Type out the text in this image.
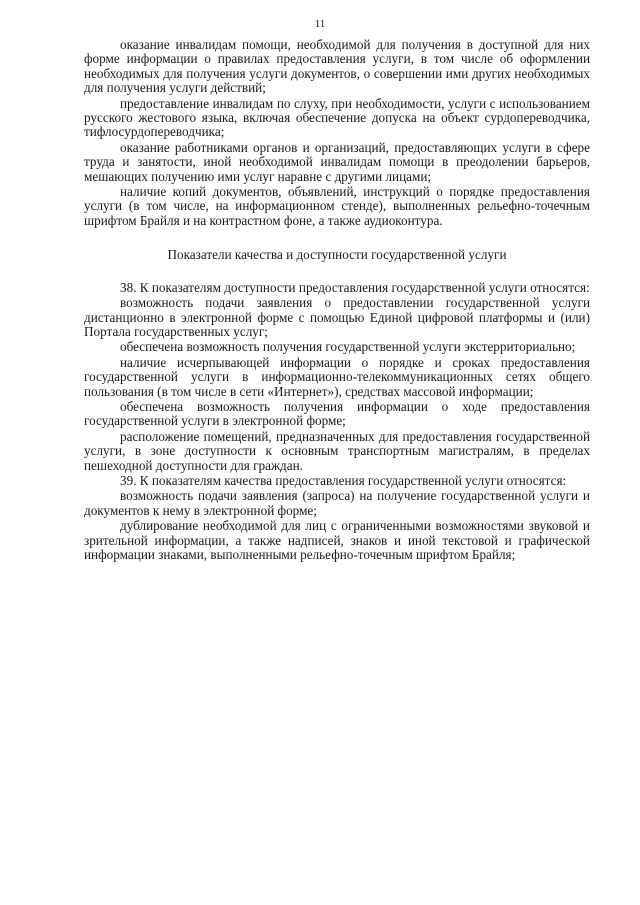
11

оказание инвалидам помощи, необходимой для получения в доступной для них форме информации о правилах предоставления услуги, в том числе об оформлении необходимых для получения услуги документов, о совершении ими других необходимых для получения услуги действий;

предоставление инвалидам по слуху, при необходимости, услуги с использованием русского жестового языка, включая обеспечение допуска на объект сурдопереводчика, тифлосурдопереводчика;

оказание работниками органов и организаций, предоставляющих услуги в сфере труда и занятости, иной необходимой инвалидам помощи в преодолении барьеров, мешающих получению ими услуг наравне с другими лицами;

наличие копий документов, объявлений, инструкций о порядке предоставления услуги (в том числе, на информационном стенде), выполненных рельефно-точечным шрифтом Брайля и на контрастном фоне, а также аудиоконтура.

Показатели качества и доступности государственной услуги

38. К показателям доступности предоставления государственной услуги относятся:

возможность подачи заявления о предоставлении государственной услуги дистанционно в электронной форме с помощью Единой цифровой платформы и (или) Портала государственных услуг;

обеспечена возможность получения государственной услуги экстерриториально;

наличие исчерпывающей информации о порядке и сроках предоставления государственной услуги в информационно-телекоммуникационных сетях общего пользования (в том числе в сети «Интернет»), средствах массовой информации;

обеспечена возможность получения информации о ходе предоставления государственной услуги в электронной форме;

расположение помещений, предназначенных для предоставления государственной услуги, в зоне доступности к основным транспортным магистралям, в пределах пешеходной доступности для граждан.

39. К показателям качества предоставления государственной услуги относятся:

возможность подачи заявления (запроса) на получение государственной услуги и документов к нему в электронной форме;

дублирование необходимой для лиц с ограниченными возможностями звуковой и зрительной информации, а также надписей, знаков и иной текстовой и графической информации знаками, выполненными рельефно-точечным шрифтом Брайля;
